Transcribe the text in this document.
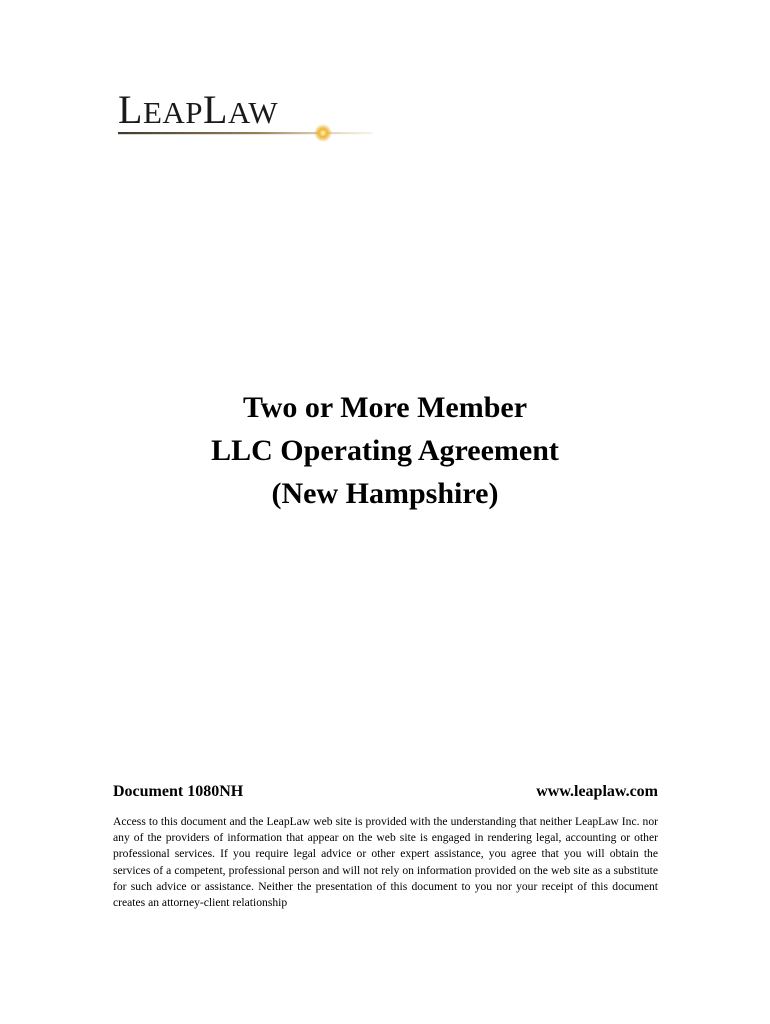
LEAPLAW
Two or More Member
LLC Operating Agreement
(New Hampshire)
Document 1080NH	www.leaplaw.com

Access to this document and the LeapLaw web site is provided with the understanding that neither LeapLaw Inc. nor any of the providers of information that appear on the web site is engaged in rendering legal, accounting or other professional services. If you require legal advice or other expert assistance, you agree that you will obtain the services of a competent, professional person and will not rely on information provided on the web site as a substitute for such advice or assistance. Neither the presentation of this document to you nor your receipt of this document creates an attorney-client relationship
